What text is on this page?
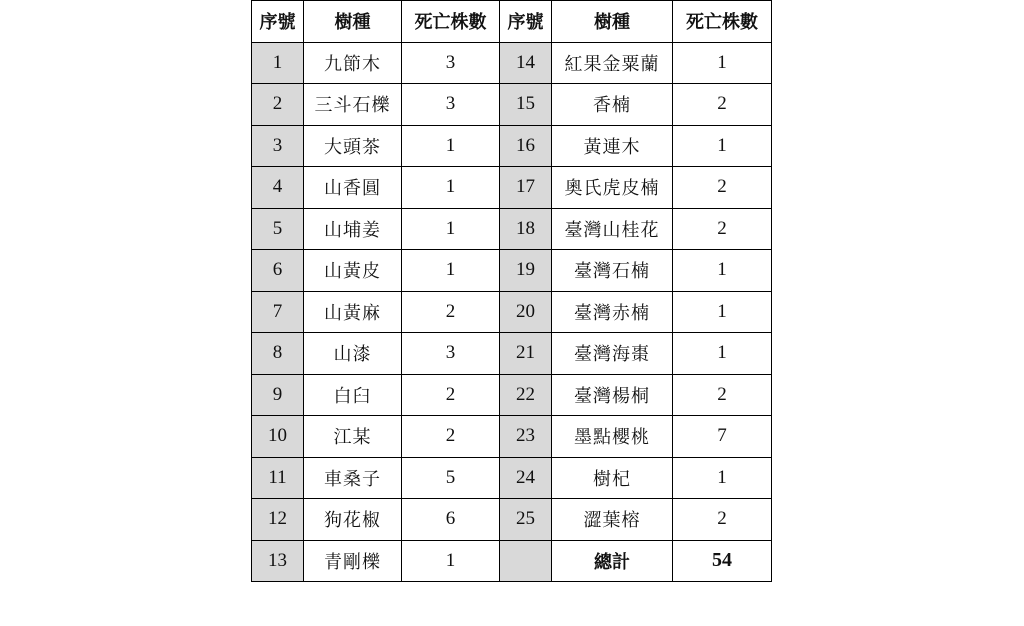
序號	樹種	死亡株數	序號	樹種	死亡株數
1	九節木	3	14	紅果金粟蘭	1
2	三斗石櫟	3	15	香楠	2
3	大頭茶	1	16	黃連木	1
4	山香圓	1	17	奧氏虎皮楠	2
5	山埔姜	1	18	臺灣山桂花	2
6	山黃皮	1	19	臺灣石楠	1
7	山黃麻	2	20	臺灣赤楠	1
8	山漆	3	21	臺灣海棗	1
9	白臼	2	22	臺灣楊桐	2
10	江某	2	23	墨點櫻桃	7
11	車桑子	5	24	樹杞	1
12	狗花椒	6	25	澀葉榕	2
13	青剛櫟	1		總計	54
